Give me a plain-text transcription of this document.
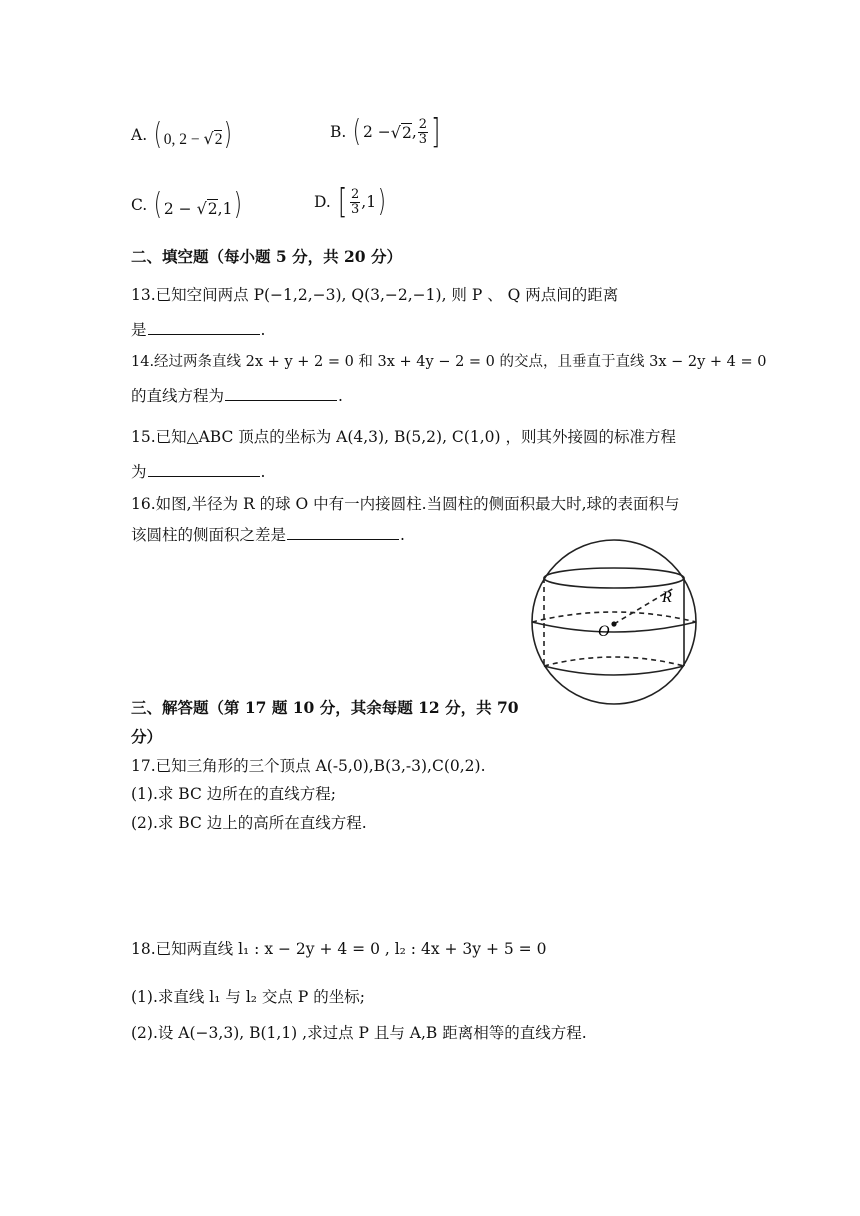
A.
( 0, 2 − √2)	B.
( 2 − √ 2 , $\frac{2}{3}$ ]
C.
( 2 − √2,1)	D.
[ $\frac{2}{3} ,1$ )
二、填空题（每小题 5 分，共 20 分）
13.已知空间两点 P(−1,2,−3), Q(3,−2,−1), 则 P 、 Q 两点间的距离
是	.
14.经过两条直线 2x + y + 2 = 0 和 3x + 4y − 2 = 0 的交点，且垂直于直线 3x − 2y + 4 = 0
的直线方程为	.
15.已知△ABC 顶点的坐标为 A(4,3), B(5,2), C(1,0) ，则其外接圆的标准方程
为	.
16.如图,半径为 R 的球 O 中有一内接圆柱.当圆柱的侧面积最大时,球的表面积与
该圆柱的侧面积之差是	.
R
O
三、解答题（第 17 题 10 分，其余每题 12 分，共 70
分）
17.已知三角形的三个顶点 A(-5,0),B(3,-3),C(0,2).
(1).求 BC 边所在的直线方程;
(2).求 BC 边上的高所在直线方程.
18.已知两直线 l₁ : x − 2y + 4 = 0 , l₂ : 4x + 3y + 5 = 0
(1).求直线 l₁ 与 l₂ 交点 P 的坐标;
(2).设 A(−3,3), B(1,1) ,求过点 P 且与 A,B 距离相等的直线方程.
